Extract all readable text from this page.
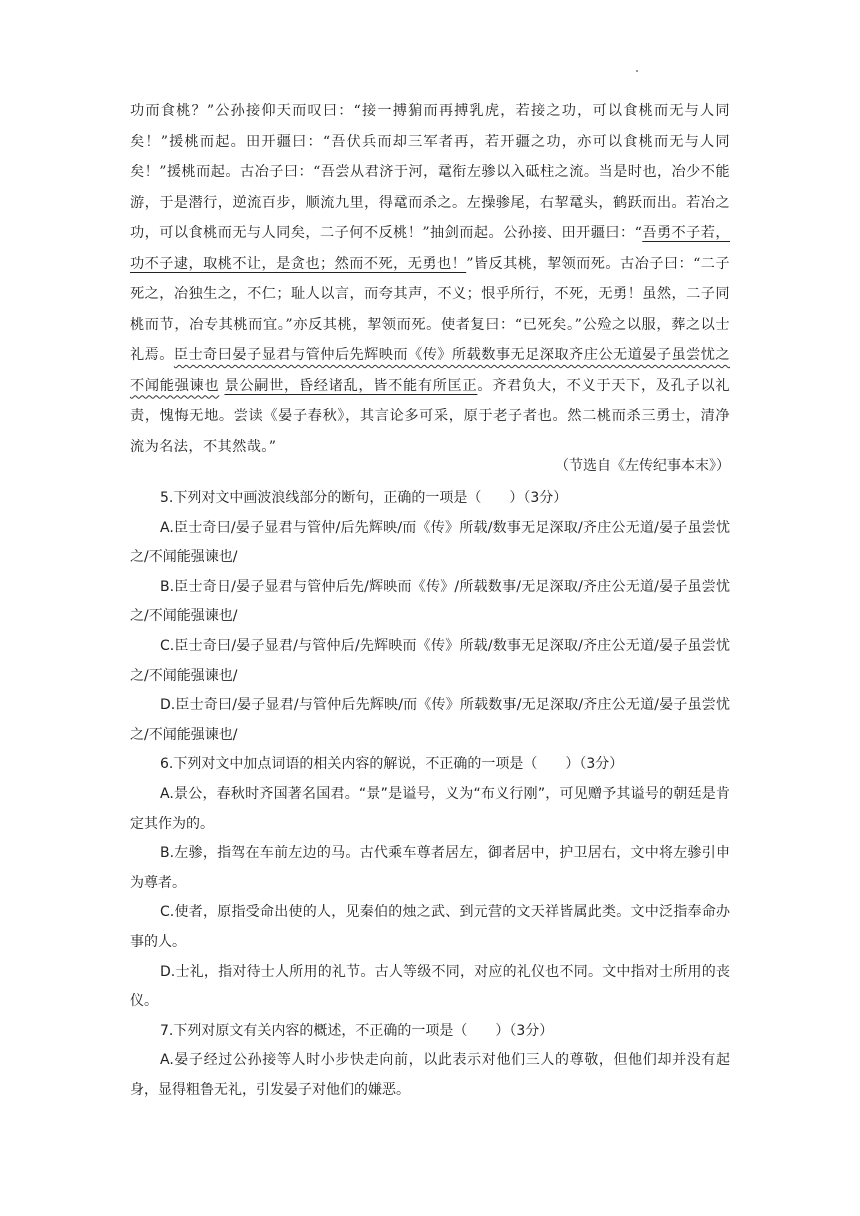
功而食桃？”公孙接仰天而叹曰：“接一搏猏而再搏乳虎，若接之功，可以食桃而无与人同矣！”援桃而起。田开疆曰：“吾伏兵而却三军者再，若开疆之功，亦可以食桃而无与人同矣！”援桃而起。古冶子曰：“吾尝从君济于河，鼋衔左骖以入砥柱之流。当是时也，冶少不能游，于是潜行，逆流百步，顺流九里，得鼋而杀之。左操骖尾，右挈鼋头，鹤跃而出。若冶之功，可以食桃而无与人同矣，二子何不反桃！”抽剑而起。公孙接、田开疆曰：“吾勇不子若，功不子逮，取桃不让，是贪也；然而不死，无勇也！”皆反其桃，挈领而死。古冶子曰：“二子死之，冶独生之，不仁；耻人以言，而夸其声，不义；恨乎所行，不死，无勇！虽然，二子同桃而节，冶专其桃而宜。”亦反其桃，挈领而死。使者复曰：“已死矣。”公殓之以服，葬之以士礼焉。臣士奇曰晏子显君与管仲后先辉映而《传》所载数事无足深取齐庄公无道晏子虽尝忧之不闻能强谏也 景公嗣世，昏经诸乱，皆不能有所匡正。齐君负大，不义于天下，及孔子以礼责，愧悔无地。尝读《晏子春秋》，其言论多可采，原于老子者也。然二桃而杀三勇士，清净流为名法，不其然哉。”

（节选自《左传纪事本末》）

5.下列对文中画波浪线部分的断句，正确的一项是（　　）（3分）

A.臣士奇曰/晏子显君与管仲/后先辉映/而《传》所载/数事无足深取/齐庄公无道/晏子虽尝忧之/不闻能强谏也/

B.臣士奇日/晏子显君与管仲后先/辉映而《传》/所载数事/无足深取/齐庄公无道/晏子虽尝忧之/不闻能强谏也/

C.臣士奇曰/晏子显君/与管仲后/先辉映而《传》所载/数事无足深取/齐庄公无道/晏子虽尝忧之/不闻能强谏也/

D.臣士奇曰/晏子显君/与管仲后先辉映/而《传》所载数事/无足深取/齐庄公无道/晏子虽尝忧之/不闻能强谏也/

6.下列对文中加点词语的相关内容的解说，不正确的一项是（　　）（3分）

A.景公，春秋时齐国著名国君。“景”是谥号，义为“布义行刚”，可见赠予其谥号的朝廷是肯定其作为的。

B.左骖，指驾在车前左边的马。古代乘车尊者居左，御者居中，护卫居右，文中将左骖引申为尊者。

C.使者，原指受命出使的人，见秦伯的烛之武、到元营的文天祥皆属此类。文中泛指奉命办事的人。

D.士礼，指对待士人所用的礼节。古人等级不同，对应的礼仪也不同。文中指对士所用的丧仪。

7.下列对原文有关内容的概述，不正确的一项是（　　）（3分）

A.晏子经过公孙接等人时小步快走向前，以此表示对他们三人的尊敬，但他们却并没有起身，显得粗鲁无礼，引发晏子对他们的嫌恶。
